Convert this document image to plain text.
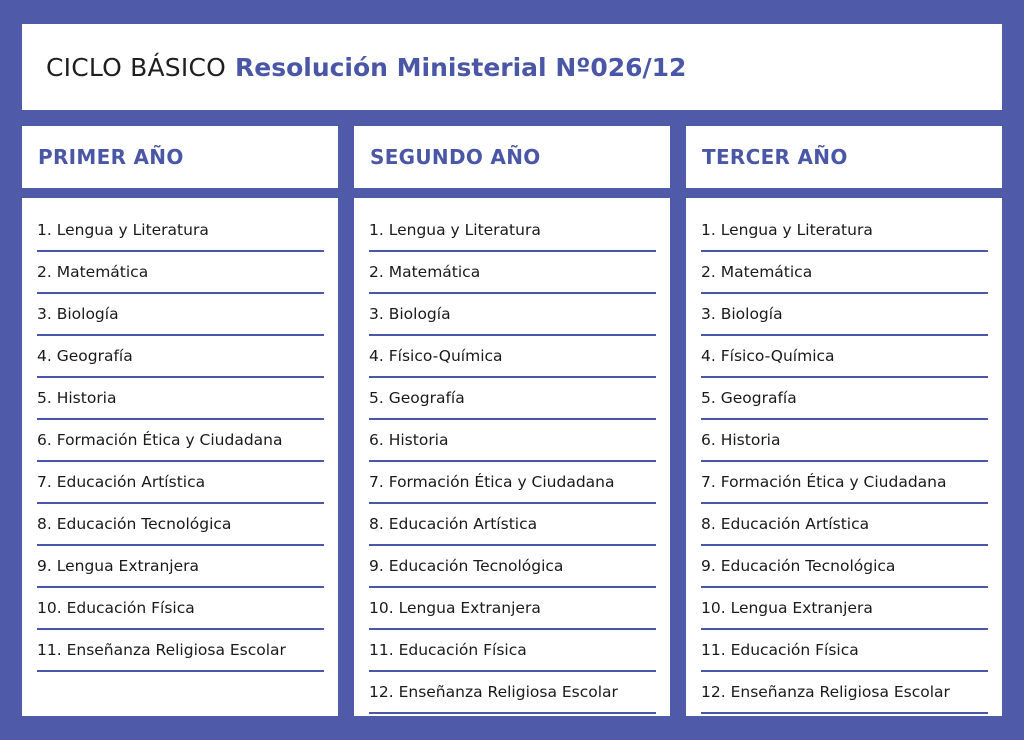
CICLO BÁSICO Resolución Ministerial Nº026/12
PRIMER AÑO
1. Lengua y Literatura
2. Matemática
3. Biología
4. Geografía
5. Historia
6. Formación Ética y Ciudadana
7. Educación Artística
8. Educación Tecnológica
9. Lengua Extranjera
10. Educación Física
11. Enseñanza Religiosa Escolar
SEGUNDO AÑO
1. Lengua y Literatura
2. Matemática
3. Biología
4. Físico-Química
5. Geografía
6. Historia
7. Formación Ética y Ciudadana
8. Educación Artística
9. Educación Tecnológica
10. Lengua Extranjera
11. Educación Física
12. Enseñanza Religiosa Escolar
TERCER AÑO
1. Lengua y Literatura
2. Matemática
3. Biología
4. Físico-Química
5. Geografía
6. Historia
7. Formación Ética y Ciudadana
8. Educación Artística
9. Educación Tecnológica
10. Lengua Extranjera
11. Educación Física
12. Enseñanza Religiosa Escolar
